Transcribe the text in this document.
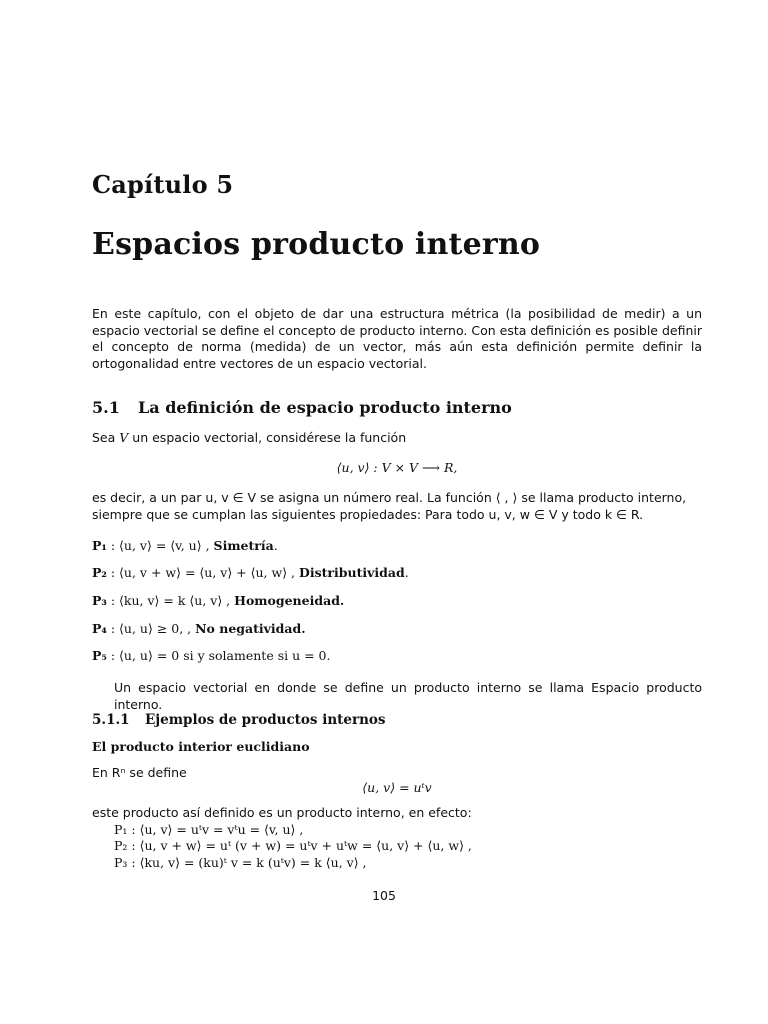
Capítulo 5
Espacios producto interno
En este capítulo, con el objeto de dar una estructura métrica (la posibilidad de medir) a un espacio vectorial se define el concepto de producto interno. Con esta definición es posible definir el concepto de norma (medida) de un vector, más aún esta definición permite definir la ortogonalidad entre vectores de un espacio vectorial.
5.1 La definición de espacio producto interno
Sea V un espacio vectorial, considérese la función
⟨u, v⟩ : V × V ⟶ R,
es decir, a un par u, v ∈ V se asigna un número real. La función ⟨ , ⟩ se llama producto interno,
siempre que se cumplan las siguientes propiedades: Para todo u, v, w ∈ V y todo k ∈ R.
P₁ : ⟨u, v⟩ = ⟨v, u⟩ , Simetría.
P₂ : ⟨u, v + w⟩ = ⟨u, v⟩ + ⟨u, w⟩ , Distributividad.
P₃ : ⟨ku, v⟩ = k ⟨u, v⟩ , Homogeneidad.
P₄ : ⟨u, u⟩ ≥ 0, , No negatividad.
P₅ : ⟨u, u⟩ = 0 si y solamente si u = 0.
Un espacio vectorial en donde se define un producto interno se llama Espacio producto interno.
5.1.1 Ejemplos de productos internos
El producto interior euclidiano
En Rⁿ se define
⟨u, v⟩ = uᵗv
este producto así definido es un producto interno, en efecto:
P₁ : ⟨u, v⟩ = uᵗv = vᵗu = ⟨v, u⟩ ,
P₂ : ⟨u, v + w⟩ = uᵗ (v + w) = uᵗv + uᵗw = ⟨u, v⟩ + ⟨u, w⟩ ,
P₃ : ⟨ku, v⟩ = (ku)ᵗ v = k (uᵗv) = k ⟨u, v⟩ ,
105
